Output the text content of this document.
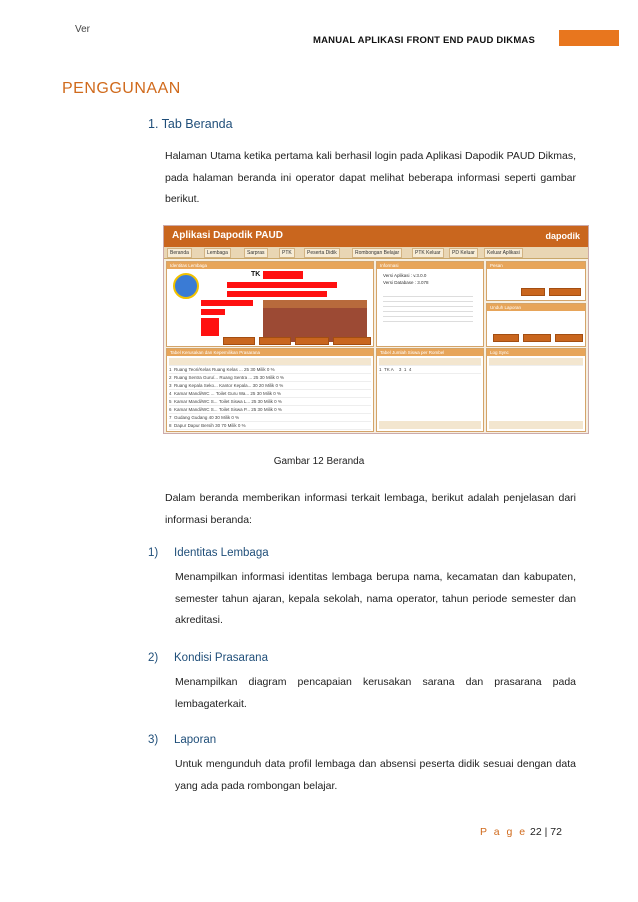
Ver
MANUAL APLIKASI FRONT END PAUD DIKMAS
PENGGUNAAN
1. Tab Beranda
Halaman Utama ketika pertama kali berhasil login pada Aplikasi Dapodik PAUD Dikmas, pada halaman beranda ini operator dapat melihat beberapa informasi seperti gambar berikut.
Aplikasi Dapodik PAUD	dapodik
Beranda	Lembaga	Sarpras	PTK	Peserta Didik	Rombongan Belajar	PTK Keluar	PD Keluar	Keluar Aplikasi
Identitas Lembaga
TK
Informasi
Versi Aplikasi : v.3.0.0
Versi Database : 3.078
Pesan
Unduh Laporan
Tabel Kerusakan dan Kepemilikan Prasarana
1 Ruang Teori/Kelas Ruang Kelas ... 25 30 Milik 0 %
2 Ruang Sentra Guru/... Ruang Sentra ... 25 30 Milik 0 %
3 Ruang Kepala Seko... Kantor Kepala... 30 20 Milik 0 %
4 Kamar Mandi/WC ... Toilet Guru Wa... 25 30 Milik 0 %
5 Kamar Mandi/WC S... Toilet Siswa L... 25 30 Milik 0 %
6 Kamar Mandi/WC S... Toilet Siswa P... 25 30 Milik 0 %
7 Gudang Gudang 40 30 Milik 0 %
8 Dapur Dapur Bersih 30 70 Milik 0 %
Tabel Jumlah Siswa per Rombel
1 TK A 3 1 4
Log Sync
Gambar 12 Beranda
Dalam beranda memberikan informasi terkait lembaga, berikut adalah penjelasan dari informasi beranda:
1) Identitas Lembaga
Menampilkan informasi identitas lembaga berupa nama, kecamatan dan kabupaten, semester tahun ajaran, kepala sekolah, nama operator, tahun periode semester dan akreditasi.
2) Kondisi Prasarana
Menampilkan diagram pencapaian kerusakan sarana dan prasarana pada lembagaterkait.
3) Laporan
Untuk mengunduh data profil lembaga dan absensi peserta didik sesuai dengan data yang ada pada rombongan belajar.
P a g e 22 | 72
